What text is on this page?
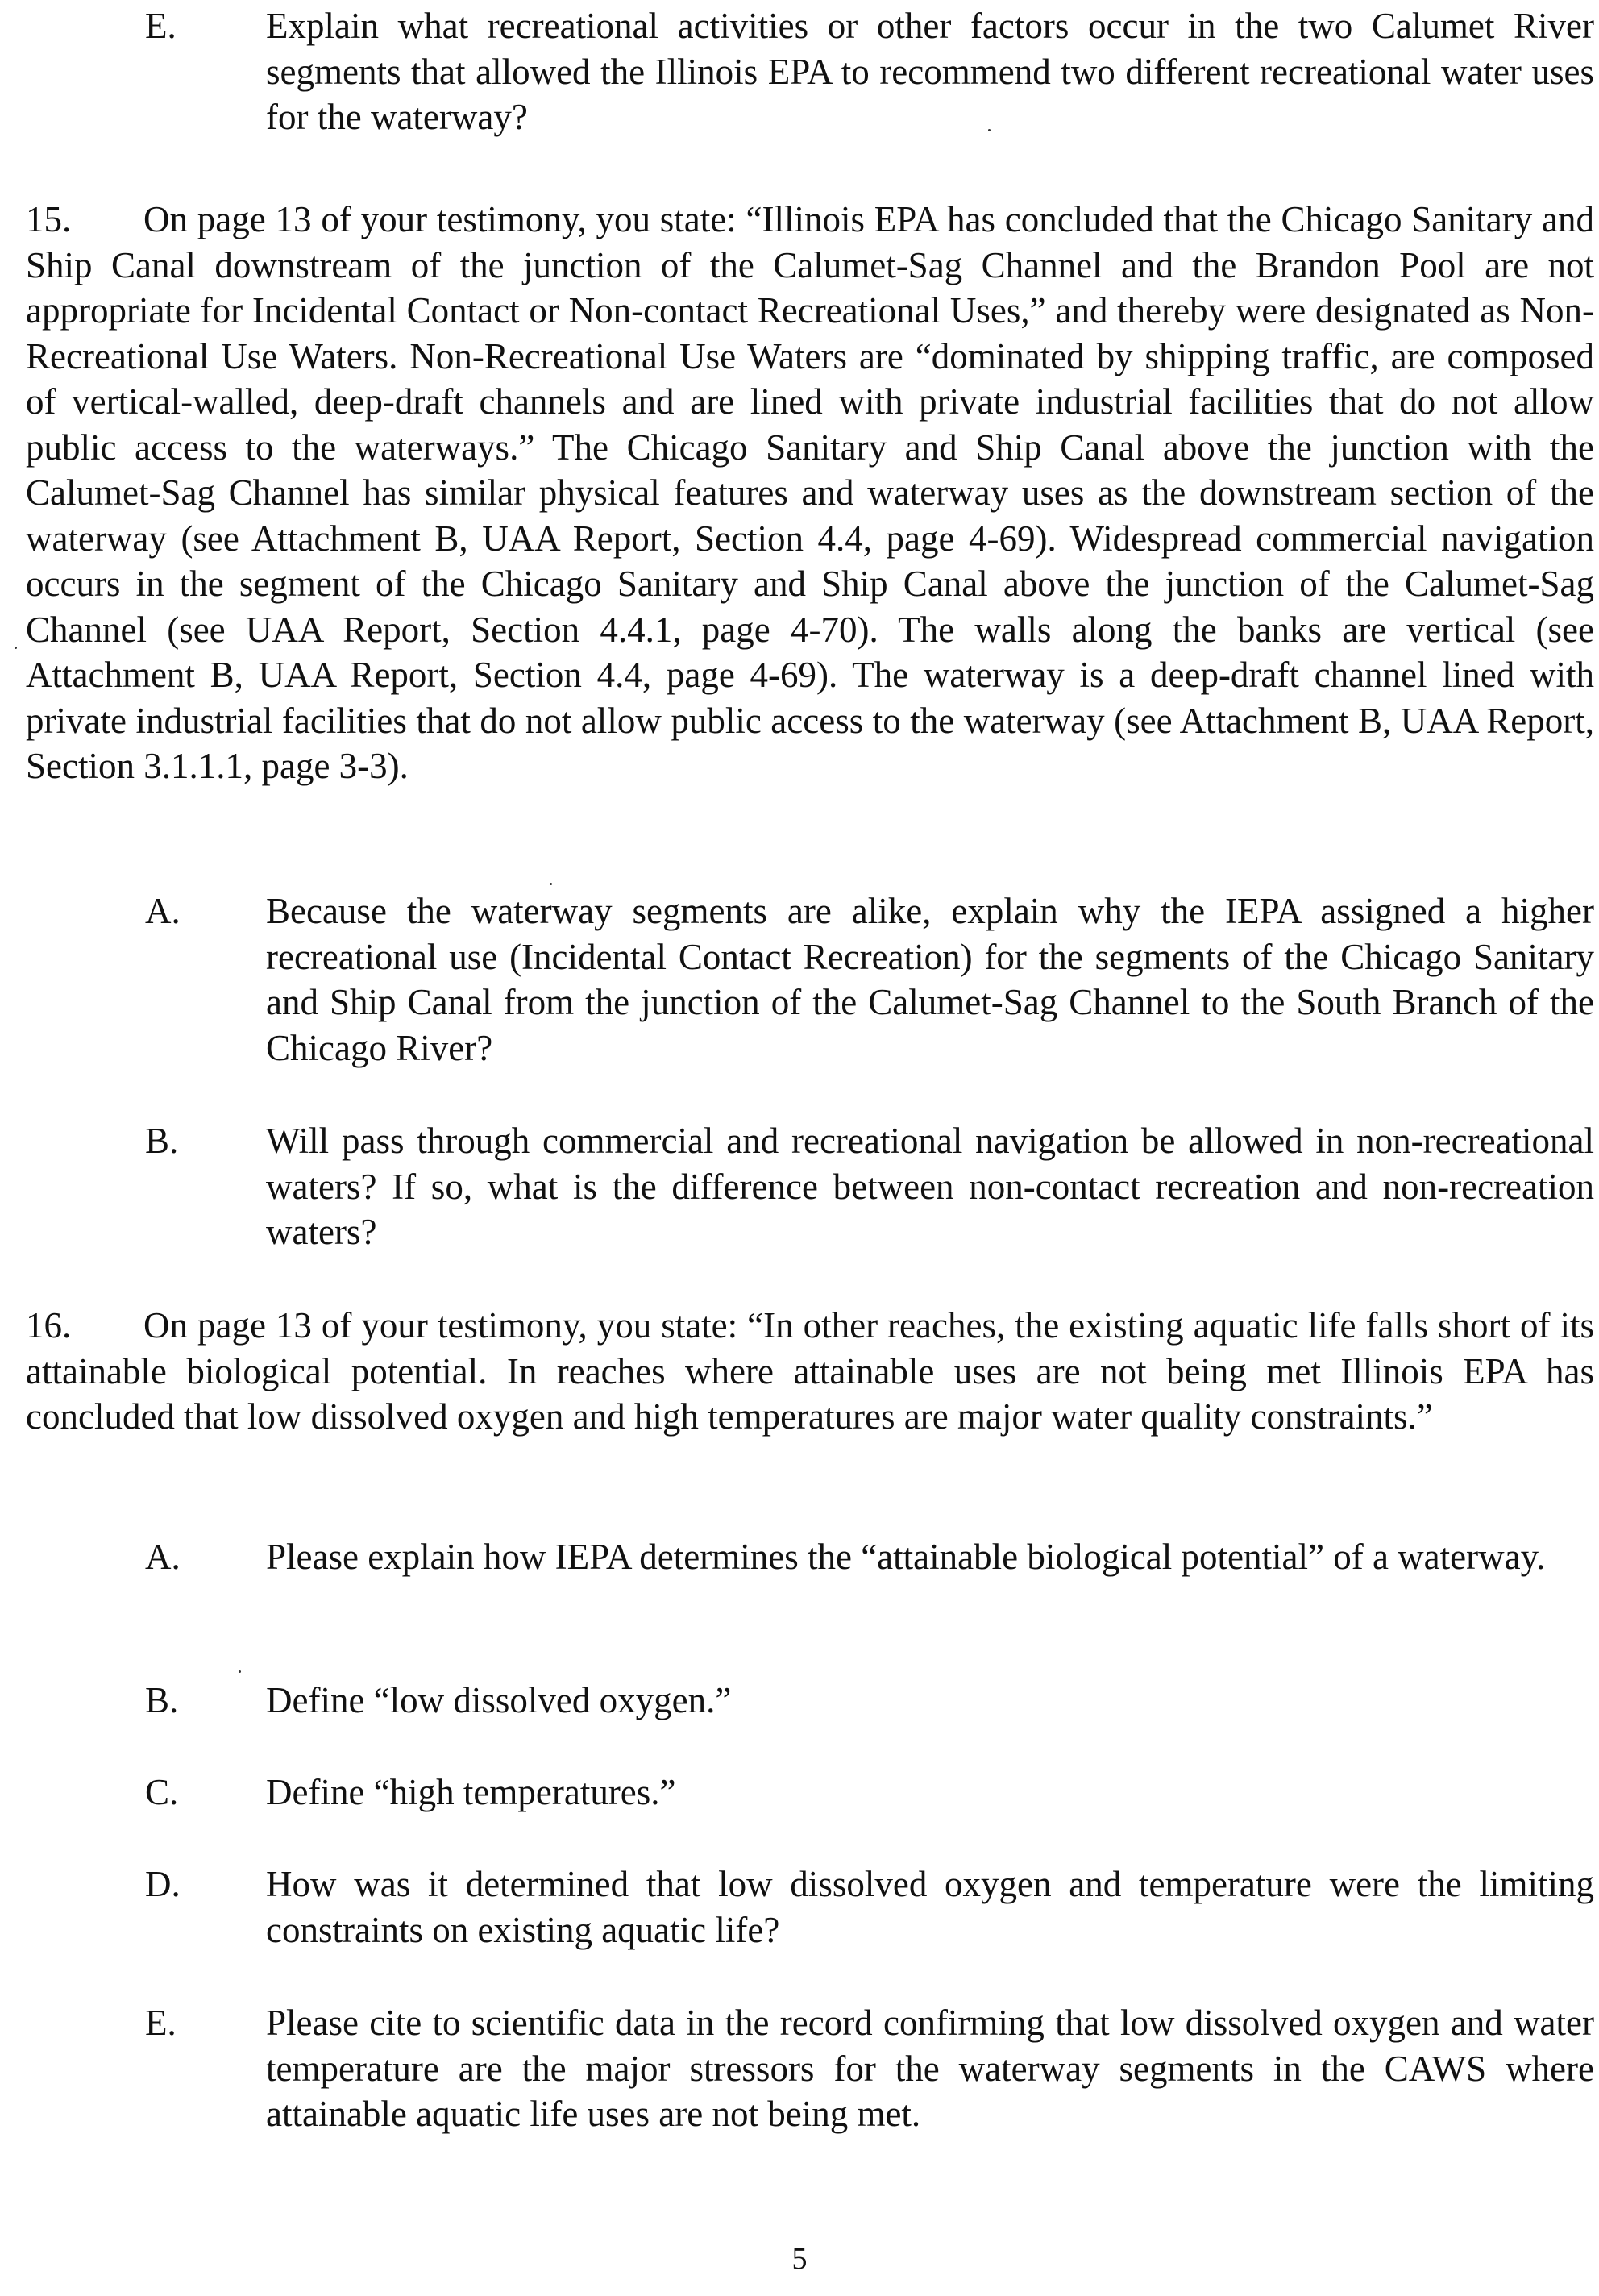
E.	Explain what recreational activities or other factors occur in the two Calumet River segments that allowed the Illinois EPA to recommend two different recreational water uses for the waterway?

15. On page 13 of your testimony, you state: “Illinois EPA has concluded that the Chicago Sanitary and Ship Canal downstream of the junction of the Calumet-Sag Channel and the Brandon Pool are not appropriate for Incidental Contact or Non-contact Recreational Uses,” and thereby were designated as Non-Recreational Use Waters. Non-Recreational Use Waters are “dominated by shipping traffic, are composed of vertical-walled, deep-draft channels and are lined with private industrial facilities that do not allow public access to the waterways.” The Chicago Sanitary and Ship Canal above the junction with the Calumet-Sag Channel has similar physical features and waterway uses as the downstream section of the waterway (see Attachment B, UAA Report, Section 4.4, page 4-69). Widespread commercial navigation occurs in the segment of the Chicago Sanitary and Ship Canal above the junction of the Calumet-Sag Channel (see UAA Report, Section 4.4.1, page 4-70). The walls along the banks are vertical (see Attachment B, UAA Report, Section 4.4, page 4-69). The waterway is a deep-draft channel lined with private industrial facilities that do not allow public access to the waterway (see Attachment B, UAA Report, Section 3.1.1.1, page 3-3).

A.	Because the waterway segments are alike, explain why the IEPA assigned a higher recreational use (Incidental Contact Recreation) for the segments of the Chicago Sanitary and Ship Canal from the junction of the Calumet-Sag Channel to the South Branch of the Chicago River?
B.	Will pass through commercial and recreational navigation be allowed in non-recreational waters? If so, what is the difference between non-contact recreation and non-recreation waters?

16. On page 13 of your testimony, you state: “In other reaches, the existing aquatic life falls short of its attainable biological potential. In reaches where attainable uses are not being met Illinois EPA has concluded that low dissolved oxygen and high temperatures are major water quality constraints.”

A.	Please explain how IEPA determines the “attainable biological potential” of a waterway.
B.	Define “low dissolved oxygen.”
C.	Define “high temperatures.”
D.	How was it determined that low dissolved oxygen and temperature were the limiting constraints on existing aquatic life?
E.	Please cite to scientific data in the record confirming that low dissolved oxygen and water temperature are the major stressors for the waterway segments in the CAWS where attainable aquatic life uses are not being met.
5
